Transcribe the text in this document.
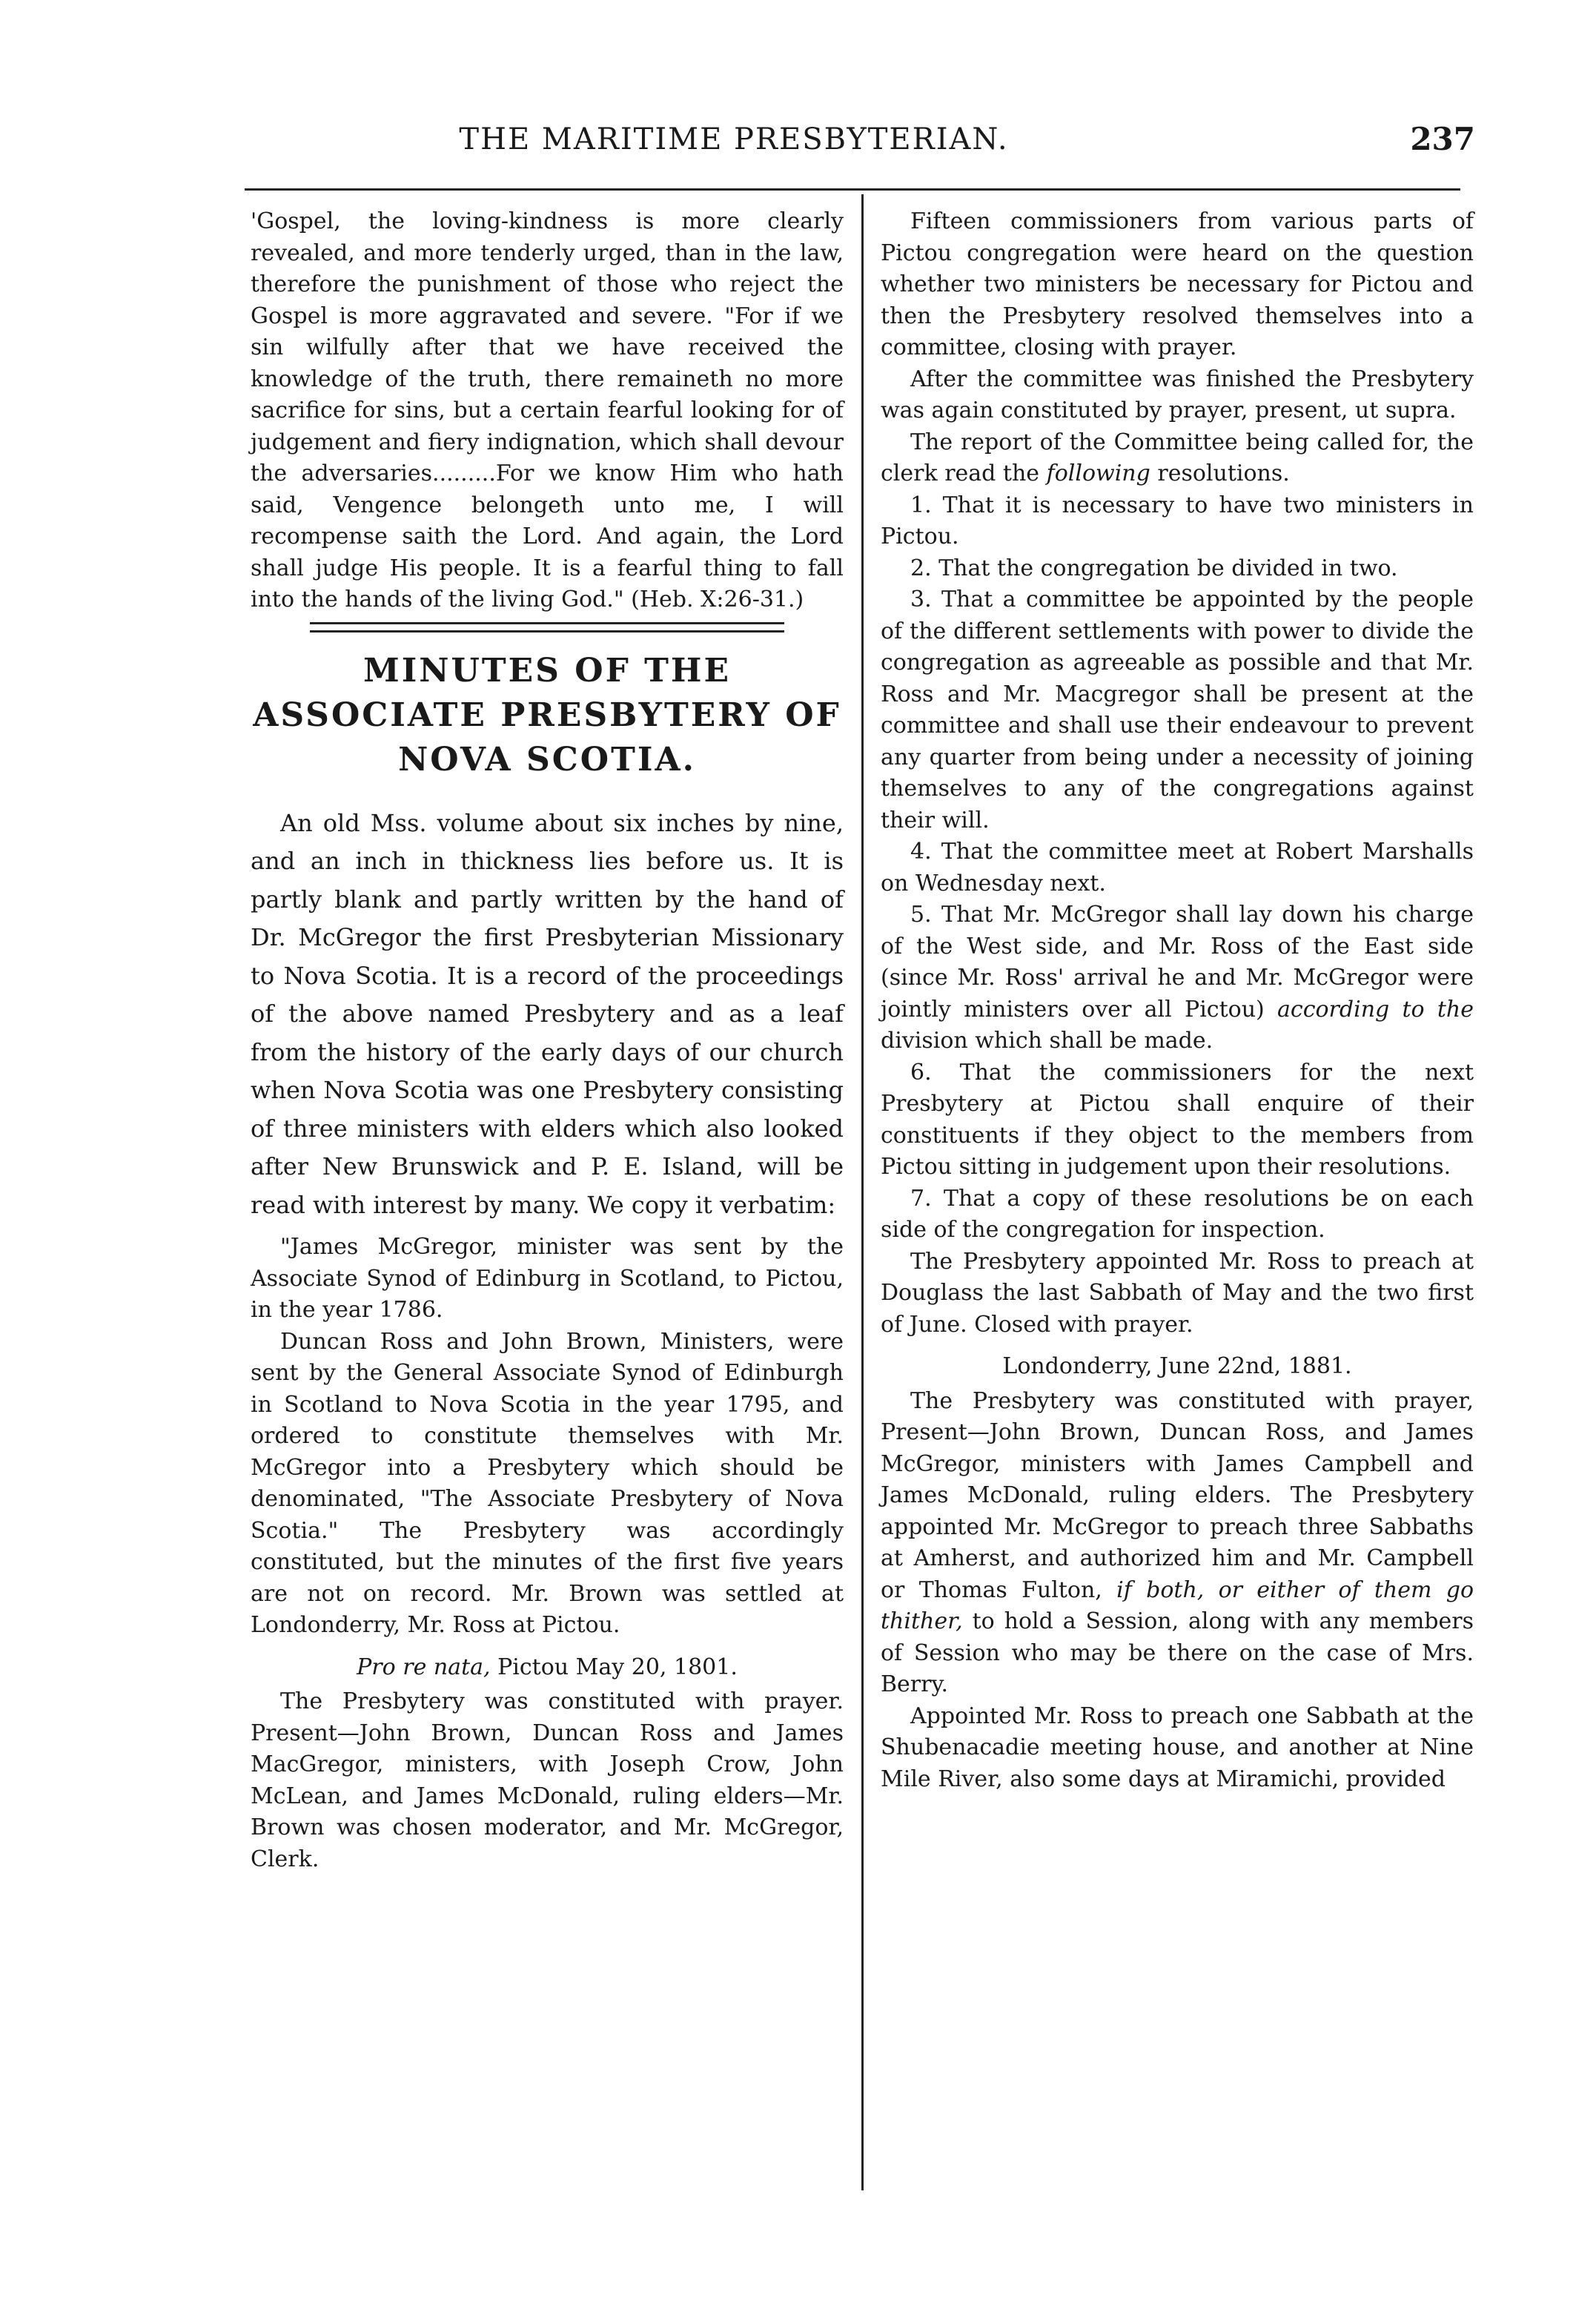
THE MARITIME PRESBYTERIAN.	237

'Gospel, the loving-kindness is more clearly revealed, and more tenderly urged, than in the law, therefore the punishment of those who reject the Gospel is more aggravated and severe. "For if we sin wilfully after that we have received the knowledge of the truth, there remaineth no more sacrifice for sins, but a certain fearful looking for of judgement and fiery indignation, which shall devour the adversaries.........For we know Him who hath said, Vengence belongeth unto me, I will recompense saith the Lord. And again, the Lord shall judge His people. It is a fearful thing to fall into the hands of the living God." (Heb. X:26-31.)

MINUTES OF THE ASSOCIATE PRESBYTERY OF NOVA SCOTIA.

An old Mss. volume about six inches by nine, and an inch in thickness lies before us. It is partly blank and partly written by the hand of Dr. McGregor the first Presbyterian Missionary to Nova Scotia. It is a record of the proceedings of the above named Presbytery and as a leaf from the history of the early days of our church when Nova Scotia was one Presbytery consisting of three ministers with elders which also looked after New Brunswick and P. E. Island, will be read with interest by many. We copy it verbatim:

"James McGregor, minister was sent by the Associate Synod of Edinburg in Scotland, to Pictou, in the year 1786.

Duncan Ross and John Brown, Ministers, were sent by the General Associate Synod of Edinburgh in Scotland to Nova Scotia in the year 1795, and ordered to constitute themselves with Mr. McGregor into a Presbytery which should be denominated, "The Associate Presbytery of Nova Scotia." The Presbytery was accordingly constituted, but the minutes of the first five years are not on record. Mr. Brown was settled at Londonderry, Mr. Ross at Pictou.

Pro re nata, Pictou May 20, 1801.

The Presbytery was constituted with prayer. Present—John Brown, Duncan Ross and James MacGregor, ministers, with Joseph Crow, John McLean, and James McDonald, ruling elders—Mr. Brown was chosen moderator, and Mr. McGregor, Clerk.

Fifteen commissioners from various parts of Pictou congregation were heard on the question whether two ministers be necessary for Pictou and then the Presbytery resolved themselves into a committee, closing with prayer.

After the committee was finished the Presbytery was again constituted by prayer, present, ut supra.

The report of the Committee being called for, the clerk read the following resolutions.

1. That it is necessary to have two ministers in Pictou.

2. That the congregation be divided in two.

3. That a committee be appointed by the people of the different settlements with power to divide the congregation as agreeable as possible and that Mr. Ross and Mr. Macgregor shall be present at the committee and shall use their endeavour to prevent any quarter from being under a necessity of joining themselves to any of the congregations against their will.

4. That the committee meet at Robert Marshalls on Wednesday next.

5. That Mr. McGregor shall lay down his charge of the West side, and Mr. Ross of the East side (since Mr. Ross' arrival he and Mr. McGregor were jointly ministers over all Pictou) according to the division which shall be made.

6. That the commissioners for the next Presbytery at Pictou shall enquire of their constituents if they object to the members from Pictou sitting in judgement upon their resolutions.

7. That a copy of these resolutions be on each side of the congregation for inspection.

The Presbytery appointed Mr. Ross to preach at Douglass the last Sabbath of May and the two first of June. Closed with prayer.

Londonderry, June 22nd, 1881.

The Presbytery was constituted with prayer, Present—John Brown, Duncan Ross, and James McGregor, ministers with James Campbell and James McDonald, ruling elders. The Presbytery appointed Mr. McGregor to preach three Sabbaths at Amherst, and authorized him and Mr. Campbell or Thomas Fulton, if both, or either of them go thither, to hold a Session, along with any members of Session who may be there on the case of Mrs. Berry.

Appointed Mr. Ross to preach one Sabbath at the Shubenacadie meeting house, and another at Nine Mile River, also some days at Miramichi, provided
